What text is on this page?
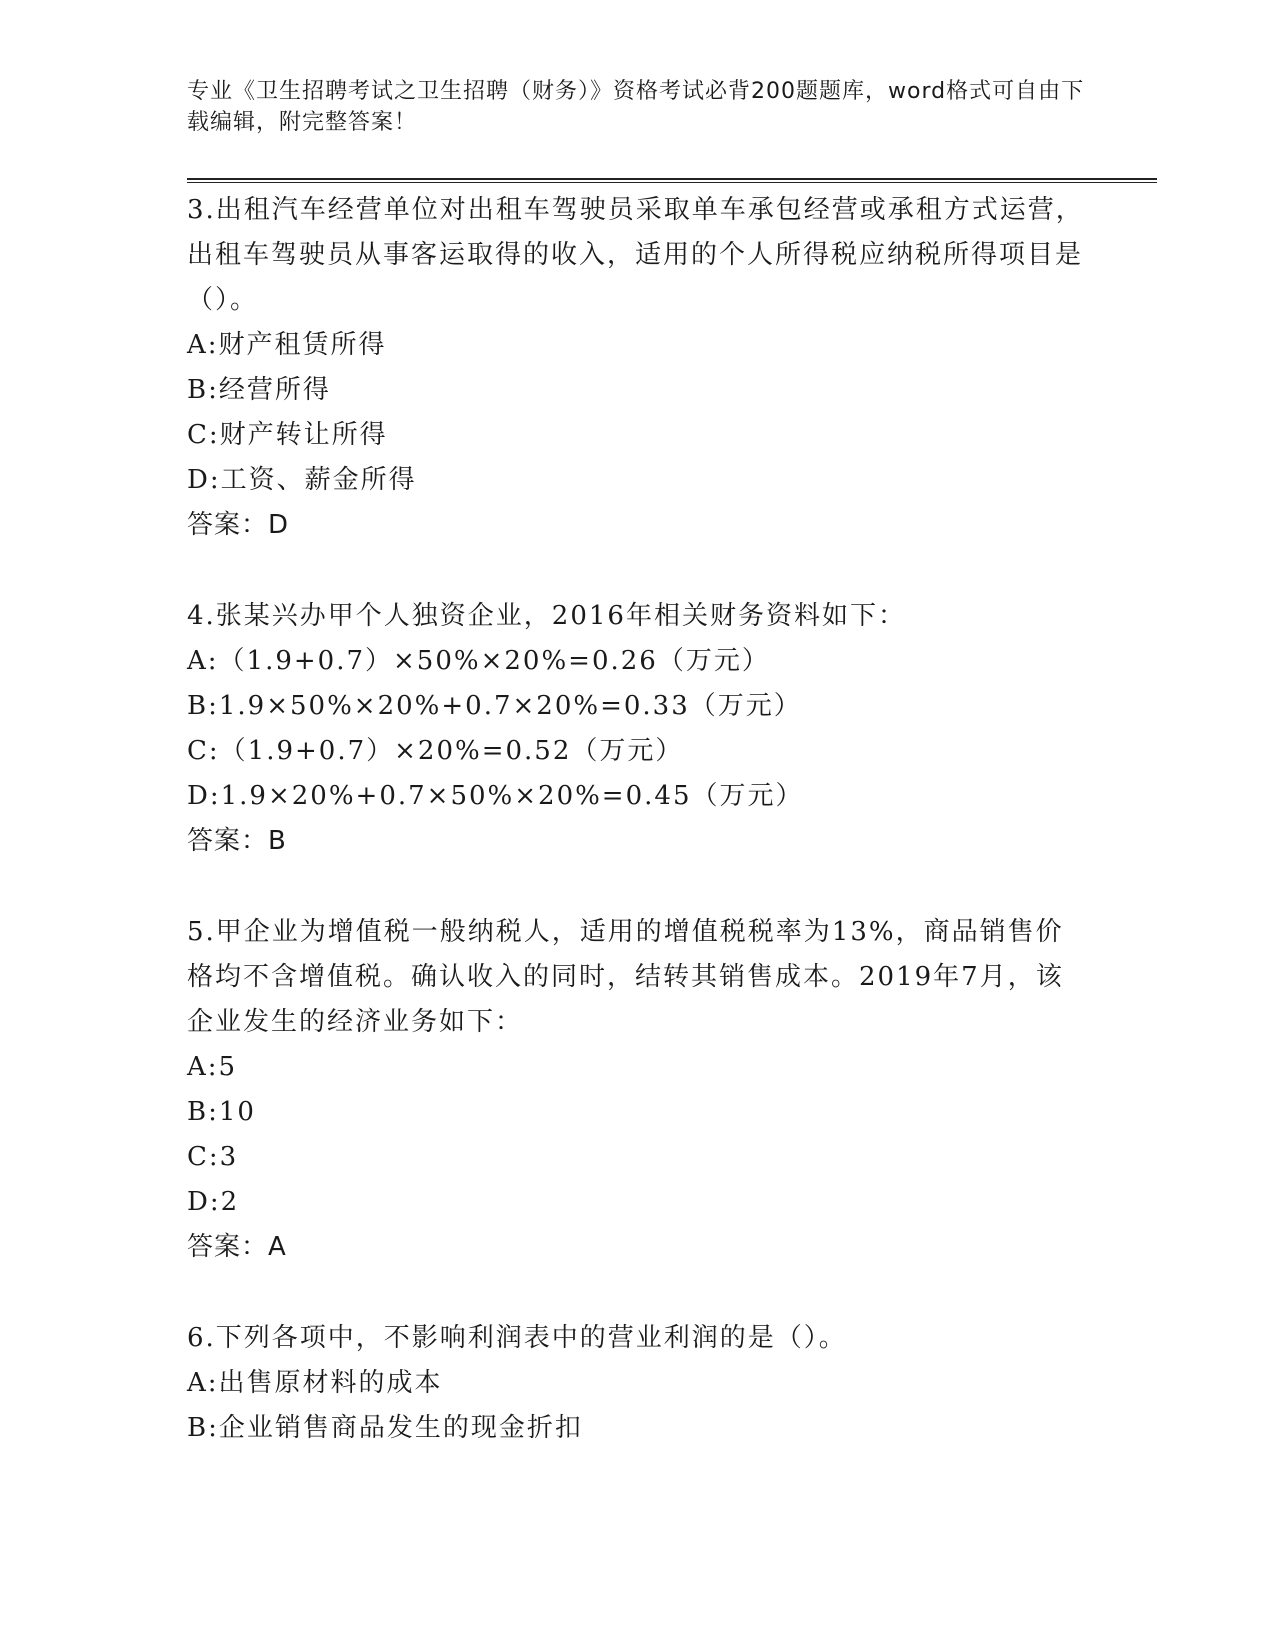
专业《卫生招聘考试之卫生招聘（财务）》资格考试必背200题题库，word格式可自由下载编辑，附完整答案！
3.出租汽车经营单位对出租车驾驶员采取单车承包经营或承租方式运营，出租车驾驶员从事客运取得的收入，适用的个人所得税应纳税所得项目是（）。
A:财产租赁所得
B:经营所得
C:财产转让所得
D:工资、薪金所得
答案：D
4.张某兴办甲个人独资企业，2016年相关财务资料如下：
A:（1.9+0.7）×50%×20%=0.26（万元）
B:1.9×50%×20%+0.7×20%=0.33（万元）
C:（1.9+0.7）×20%=0.52（万元）
D:1.9×20%+0.7×50%×20%=0.45（万元）
答案：B
5.甲企业为增值税一般纳税人，适用的增值税税率为13%，商品销售价格均不含增值税。确认收入的同时，结转其销售成本。2019年7月，该企业发生的经济业务如下：
A:5
B:10
C:3
D:2
答案：A
6.下列各项中，不影响利润表中的营业利润的是（）。
A:出售原材料的成本
B:企业销售商品发生的现金折扣
